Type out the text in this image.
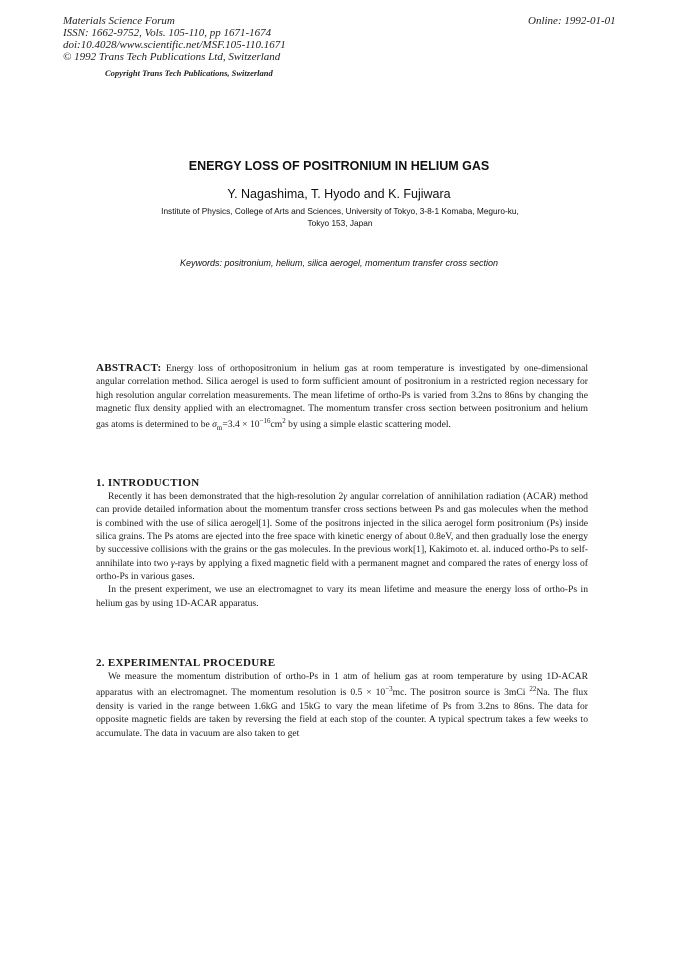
Materials Science Forum
ISSN: 1662-9752, Vols. 105-110, pp 1671-1674
doi:10.4028/www.scientific.net/MSF.105-110.1671
© 1992 Trans Tech Publications Ltd, Switzerland
Online: 1992-01-01
Copyright Trans Tech Publications, Switzerland
ENERGY LOSS OF POSITRONIUM IN HELIUM GAS
Y. Nagashima, T. Hyodo and K. Fujiwara
Institute of Physics, College of Arts and Sciences, University of Tokyo, 3-8-1 Komaba, Meguro-ku,
Tokyo 153, Japan
Keywords: positronium, helium, silica aerogel, momentum transfer cross section

ABSTRACT: Energy loss of orthopositronium in helium gas at room temperature is investigated by one-dimensional angular correlation method. Silica aerogel is used to form sufficient amount of positronium in a restricted region necessary for high resolution angular correlation measurements. The mean lifetime of ortho-Ps is varied from 3.2ns to 86ns by changing the magnetic flux density applied with an electromagnet. The momentum transfer cross section between positronium and helium gas atoms is determined to be $\sigma_m=3.4 \times 10^{-16}cm^2$ by using a simple elastic scattering model.

1. INTRODUCTION

Recently it has been demonstrated that the high-resolution 2γ angular correlation of annihilation radiation (ACAR) method can provide detailed information about the momentum transfer cross sections between Ps and gas molecules when the method is combined with the use of silica aerogel[1]. Some of the positrons injected in the silica aerogel form positronium (Ps) inside silica grains. The Ps atoms are ejected into the free space with kinetic energy of about 0.8eV, and then gradually lose the energy by successive collisions with the grains or the gas molecules. In the previous work[1], Kakimoto et. al. induced ortho-Ps to self-annihilate into two γ-rays by applying a fixed magnetic field with a permanent magnet and compared the rates of energy loss of ortho-Ps in various gases.

In the present experiment, we use an electromagnet to vary its mean lifetime and measure the energy loss of ortho-Ps in helium gas by using 1D-ACAR apparatus.

2. EXPERIMENTAL PROCEDURE

We measure the momentum distribution of ortho-Ps in 1 atm of helium gas at room temperature by using 1D-ACAR apparatus with an electromagnet. The momentum resolution is $0.5 \times 10^{-3}mc$. The positron source is 3mCi $^{22}$Na. The flux density is varied in the range between 1.6kG and 15kG to vary the mean lifetime of Ps from 3.2ns to 86ns. The data for opposite magnetic fields are taken by reversing the field at each stop of the counter. A typical spectrum takes a few weeks to accumulate. The data in vacuum are also taken to get
